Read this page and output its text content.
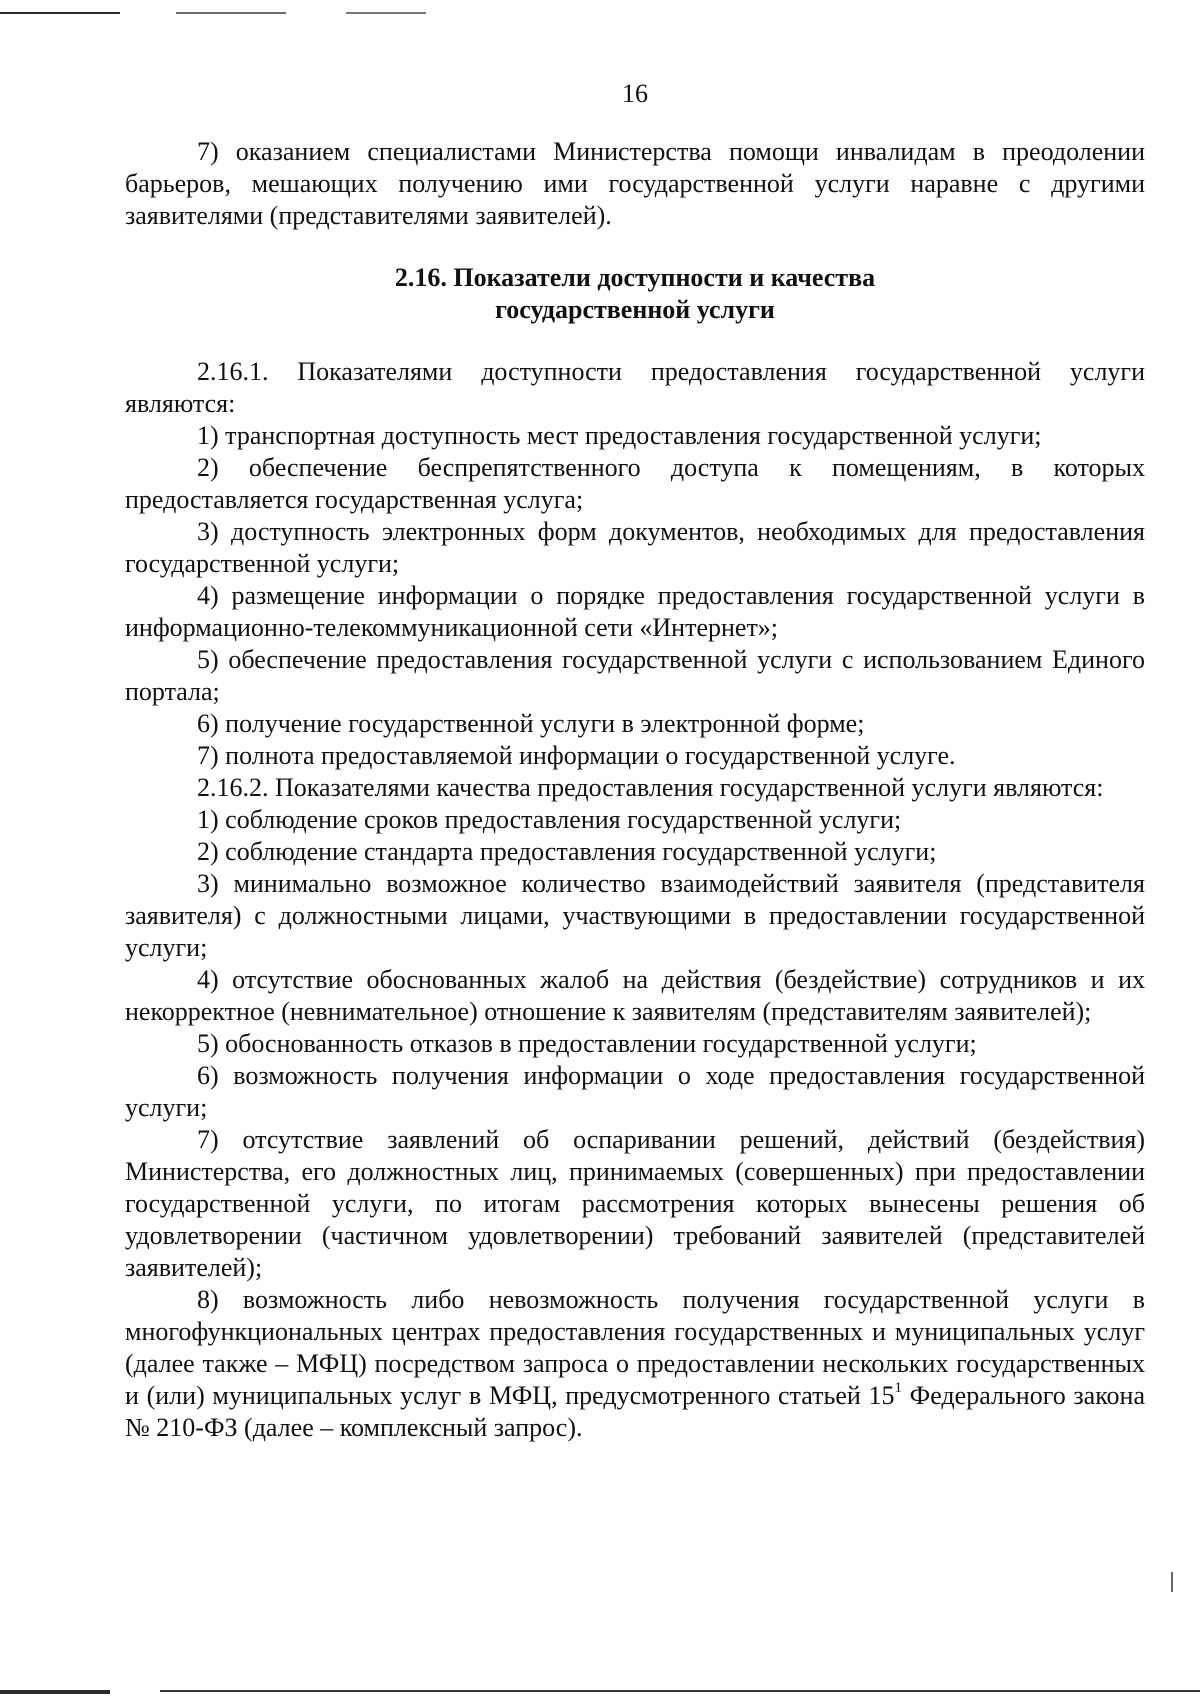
16

7) оказанием специалистами Министерства помощи инвалидам в преодолении барьеров, мешающих получению ими государственной услуги наравне с другими заявителями (представителями заявителей).

2.16. Показатели доступности и качества
государственной услуги

2.16.1. Показателями доступности предоставления государственной услуги являются:

1) транспортная доступность мест предоставления государственной услуги;

2) обеспечение беспрепятственного доступа к помещениям, в которых предоставляется государственная услуга;

3) доступность электронных форм документов, необходимых для предоставления государственной услуги;

4) размещение информации о порядке предоставления государственной услуги в информационно-телекоммуникационной сети «Интернет»;

5) обеспечение предоставления государственной услуги с использованием Единого портала;

6) получение государственной услуги в электронной форме;

7) полнота предоставляемой информации о государственной услуге.

2.16.2. Показателями качества предоставления государственной услуги являются:

1) соблюдение сроков предоставления государственной услуги;

2) соблюдение стандарта предоставления государственной услуги;

3) минимально возможное количество взаимодействий заявителя (представителя заявителя) с должностными лицами, участвующими в предоставлении государственной услуги;

4) отсутствие обоснованных жалоб на действия (бездействие) сотрудников и их некорректное (невнимательное) отношение к заявителям (представителям заявителей);

5) обоснованность отказов в предоставлении государственной услуги;

6) возможность получения информации о ходе предоставления государственной услуги;

7) отсутствие заявлений об оспаривании решений, действий (бездействия) Министерства, его должностных лиц, принимаемых (совершенных) при предоставлении государственной услуги, по итогам рассмотрения которых вынесены решения об удовлетворении (частичном удовлетворении) требований заявителей (представителей заявителей);

8) возможность либо невозможность получения государственной услуги в многофункциональных центрах предоставления государственных и муниципальных услуг (далее также – МФЦ) посредством запроса о предоставлении нескольких государственных и (или) муниципальных услуг в МФЦ, предусмотренного статьей $15^1$ Федерального закона № 210-ФЗ (далее – комплексный запрос).
